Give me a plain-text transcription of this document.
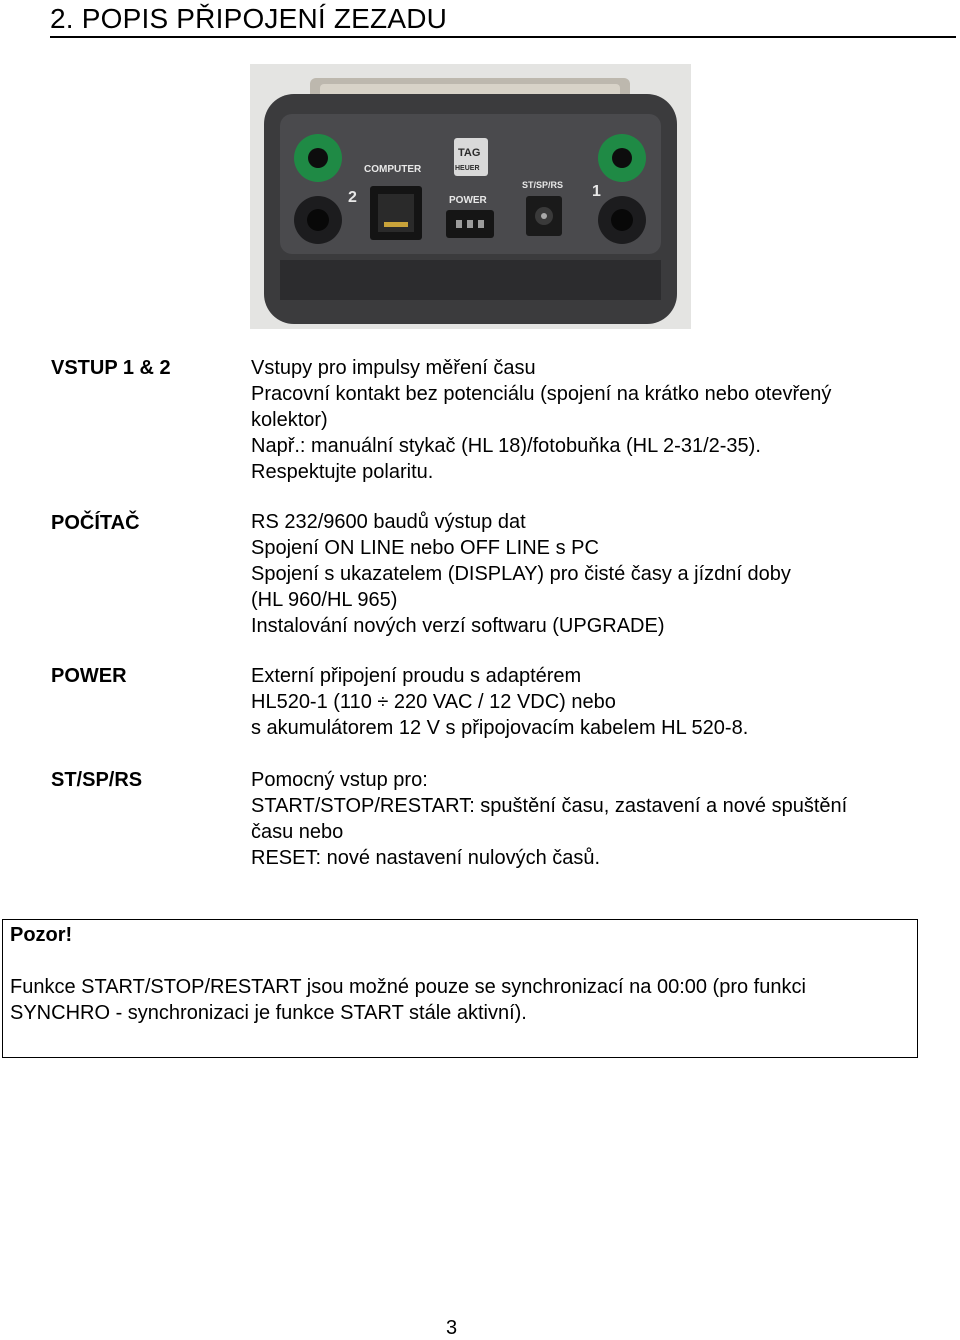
2. POPIS PŘIPOJENÍ ZEZADU
2	1
COMPUTER
TAG
HEUER
POWER
ST/SP/RS
VSTUP 1 & 2	Vstupy pro impulsy měření času
Pracovní kontakt bez potenciálu (spojení na krátko nebo otevřený
kolektor)
Např.: manuální stykač (HL 18)/fotobuňka (HL 2-31/2-35).
Respektujte polaritu.
POČÍTAČ	RS 232/9600 baudů výstup dat
Spojení ON LINE nebo OFF LINE s PC
Spojení s ukazatelem (DISPLAY) pro čisté časy a jízdní doby
(HL 960/HL 965)
Instalování nových verzí softwaru (UPGRADE)
POWER	Externí připojení proudu s adaptérem
HL520-1 (110 ÷ 220 VAC / 12 VDC) nebo
s akumulátorem 12 V s připojovacím kabelem HL 520-8.
ST/SP/RS	Pomocný vstup pro:
START/STOP/RESTART: spuštění času, zastavení a nové spuštění
času nebo
RESET: nové nastavení nulových časů.
Pozor!
Funkce START/STOP/RESTART jsou možné pouze se synchronizací na 00:00 (pro funkci
SYNCHRO - synchronizaci je funkce START stále aktivní).
3
